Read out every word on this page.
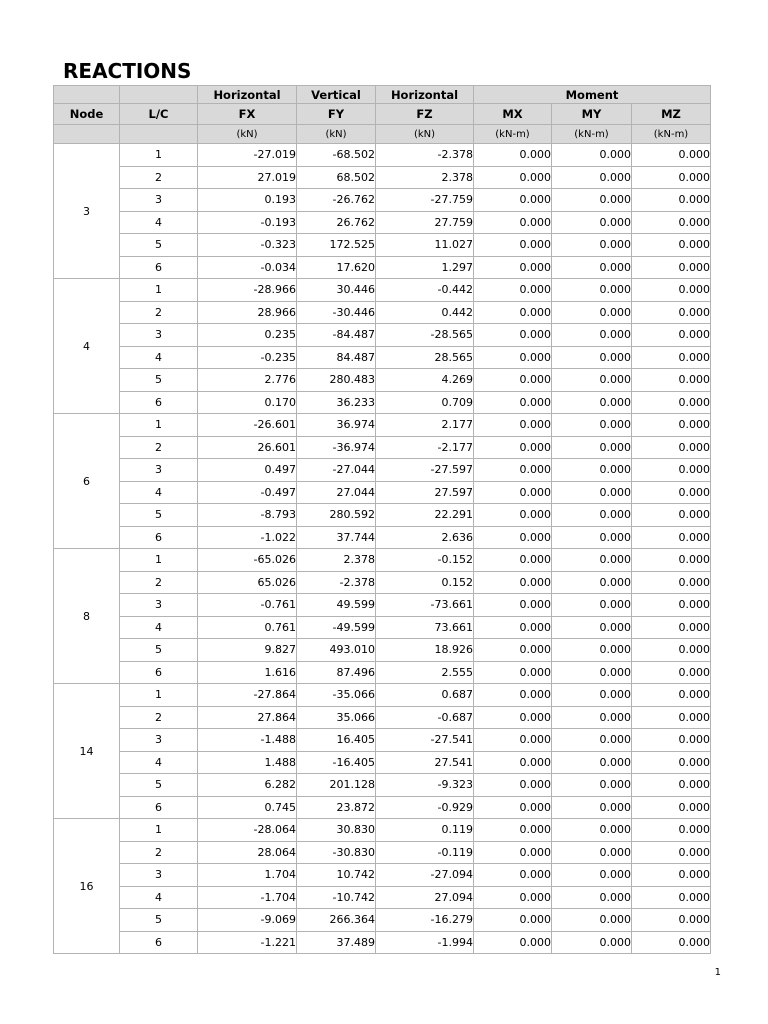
REACTIONS
		Horizontal	Vertical	Horizontal	Moment		
Node	L/C	FX	FY	FZ	MX	MY	MZ
		(kN)	(kN)	(kN)	(kN-m)	(kN-m)	(kN-m)
3	1	-27.019	-68.502	-2.378	0.000	0.000	0.000
	2	27.019	68.502	2.378	0.000	0.000	0.000
	3	0.193	-26.762	-27.759	0.000	0.000	0.000
	4	-0.193	26.762	27.759	0.000	0.000	0.000
	5	-0.323	172.525	11.027	0.000	0.000	0.000
	6	-0.034	17.620	1.297	0.000	0.000	0.000
4	1	-28.966	30.446	-0.442	0.000	0.000	0.000
	2	28.966	-30.446	0.442	0.000	0.000	0.000
	3	0.235	-84.487	-28.565	0.000	0.000	0.000
	4	-0.235	84.487	28.565	0.000	0.000	0.000
	5	2.776	280.483	4.269	0.000	0.000	0.000
	6	0.170	36.233	0.709	0.000	0.000	0.000
6	1	-26.601	36.974	2.177	0.000	0.000	0.000
	2	26.601	-36.974	-2.177	0.000	0.000	0.000
	3	0.497	-27.044	-27.597	0.000	0.000	0.000
	4	-0.497	27.044	27.597	0.000	0.000	0.000
	5	-8.793	280.592	22.291	0.000	0.000	0.000
	6	-1.022	37.744	2.636	0.000	0.000	0.000
8	1	-65.026	2.378	-0.152	0.000	0.000	0.000
	2	65.026	-2.378	0.152	0.000	0.000	0.000
	3	-0.761	49.599	-73.661	0.000	0.000	0.000
	4	0.761	-49.599	73.661	0.000	0.000	0.000
	5	9.827	493.010	18.926	0.000	0.000	0.000
	6	1.616	87.496	2.555	0.000	0.000	0.000
14	1	-27.864	-35.066	0.687	0.000	0.000	0.000
	2	27.864	35.066	-0.687	0.000	0.000	0.000
	3	-1.488	16.405	-27.541	0.000	0.000	0.000
	4	1.488	-16.405	27.541	0.000	0.000	0.000
	5	6.282	201.128	-9.323	0.000	0.000	0.000
	6	0.745	23.872	-0.929	0.000	0.000	0.000
16	1	-28.064	30.830	0.119	0.000	0.000	0.000
	2	28.064	-30.830	-0.119	0.000	0.000	0.000
	3	1.704	10.742	-27.094	0.000	0.000	0.000
	4	-1.704	-10.742	27.094	0.000	0.000	0.000
	5	-9.069	266.364	-16.279	0.000	0.000	0.000
	6	-1.221	37.489	-1.994	0.000	0.000	0.000
1
